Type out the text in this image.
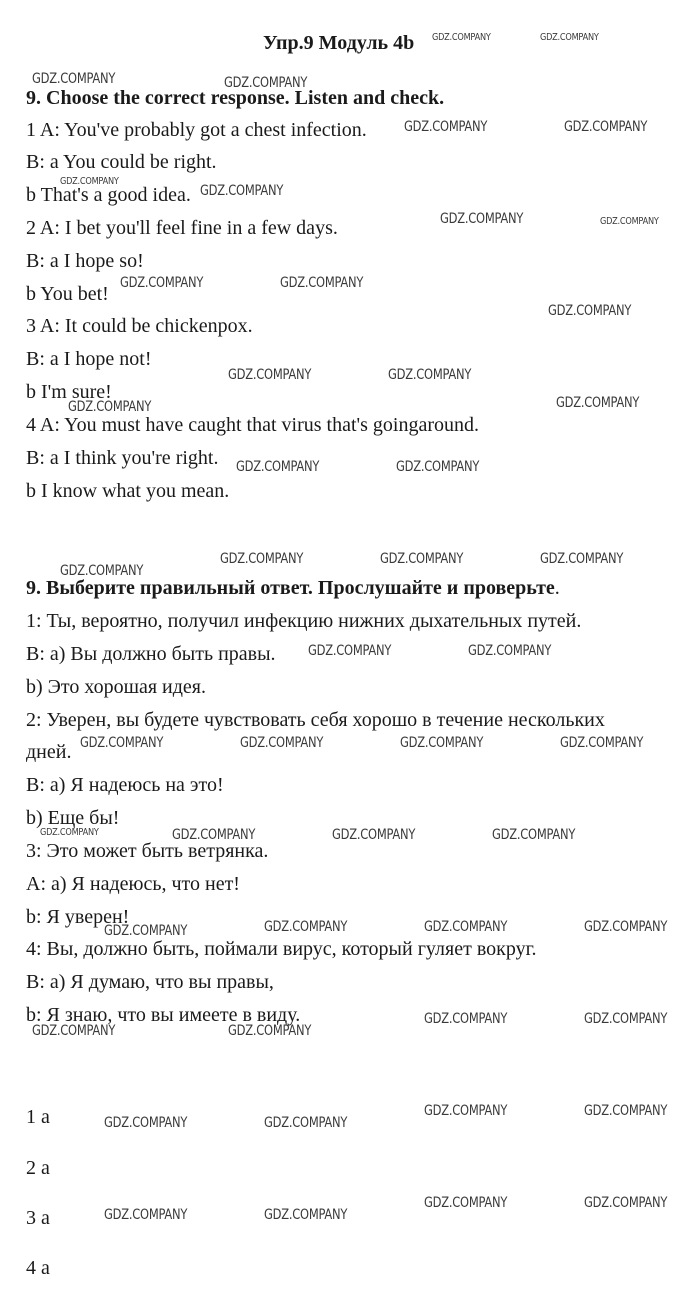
Упр.9 Модуль 4b
9. Choose the correct response. Listen and check.
1 A: You've probably got a chest infection.
B: a You could be right.
b That's a good idea.
2 A: I bet you'll feel fine in a few days.
B: a I hope so!
b You bet!
3 A: It could be chickenpox.
B: a I hope not!
b I'm sure!
4 A: You must have caught that virus that's goingaround.
B: a I think you're right.
b I know what you mean.
9. Выберите правильный ответ. Прослушайте и проверьте.
1: Ты, вероятно, получил инфекцию нижних дыхательных путей.
B: а) Вы должно быть правы.
b) Это хорошая идея.
2: Уверен, вы будете чувствовать себя хорошо в течение нескольких
дней.
B: а) Я надеюсь на это!
b) Еще бы!
3: Это может быть ветрянка.
A: а) Я надеюсь, что нет!
b: Я уверен!
4: Вы, должно быть, поймали вирус, который гуляет вокруг.
B: а) Я думаю, что вы правы,
b: Я знаю, что вы имеете в виду.
1 a
2 a
3 a
4 a
GDZ.COMPANY	GDZ.COMPANY
GDZ.COMPANY	GDZ.COMPANY
GDZ.COMPANY	GDZ.COMPANY
GDZ.COMPANY
GDZ.COMPANY
GDZ.COMPANY	GDZ.COMPANY
GDZ.COMPANY	GDZ.COMPANY
GDZ.COMPANY
GDZ.COMPANY	GDZ.COMPANY
GDZ.COMPANY	GDZ.COMPANY
GDZ.COMPANY	GDZ.COMPANY
GDZ.COMPANY	GDZ.COMPANY	GDZ.COMPANY
GDZ.COMPANY
GDZ.COMPANY	GDZ.COMPANY
GDZ.COMPANY	GDZ.COMPANY	GDZ.COMPANY	GDZ.COMPANY
GDZ.COMPANY	GDZ.COMPANY	GDZ.COMPANY	GDZ.COMPANY
GDZ.COMPANY	GDZ.COMPANY	GDZ.COMPANY	GDZ.COMPANY
GDZ.COMPANY	GDZ.COMPANY
GDZ.COMPANY	GDZ.COMPANY
GDZ.COMPANY	GDZ.COMPANY
GDZ.COMPANY	GDZ.COMPANY
GDZ.COMPANY	GDZ.COMPANY
GDZ.COMPANY	GDZ.COMPANY
